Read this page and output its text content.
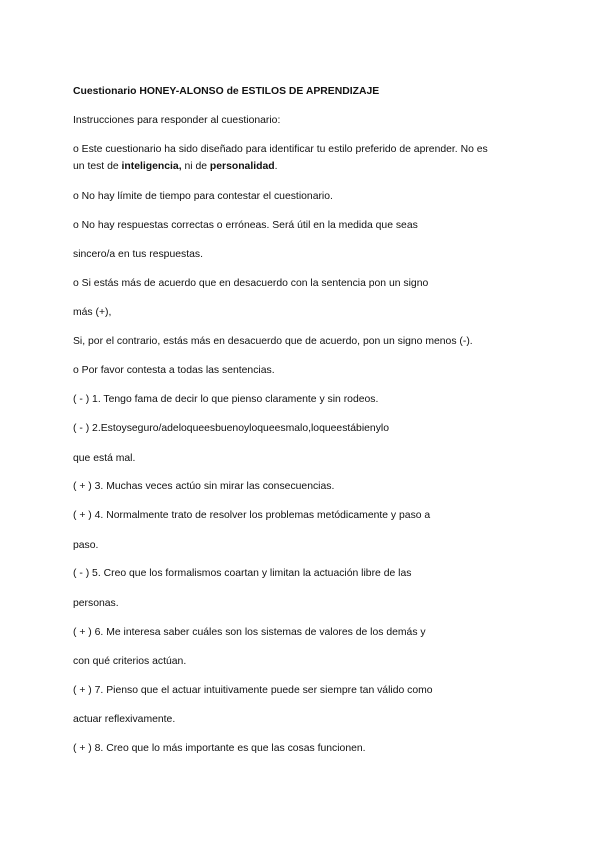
Cuestionario HONEY-ALONSO de ESTILOS DE APRENDIZAJE
Instrucciones para responder al cuestionario:
o Este cuestionario ha sido diseñado para identificar tu estilo preferido de aprender. No es
un test de inteligencia, ni de personalidad.
o No hay límite de tiempo para contestar el cuestionario.
o No hay respuestas correctas o erróneas. Será útil en la medida que seas
sincero/a en tus respuestas.
o Si estás más de acuerdo que en desacuerdo con la sentencia pon un signo
más (+),
Si, por el contrario, estás más en desacuerdo que de acuerdo, pon un signo menos (-).
o Por favor contesta a todas las sentencias.
( - ) 1. Tengo fama de decir lo que pienso claramente y sin rodeos.
( - ) 2.Estoyseguro/adeloqueesbuenoyloqueesmalo,loqueestábienylo
que está mal.
( + ) 3. Muchas veces actúo sin mirar las consecuencias.
( + ) 4. Normalmente trato de resolver los problemas metódicamente y paso a
paso.
( - ) 5. Creo que los formalismos coartan y limitan la actuación libre de las
personas.
( + ) 6. Me interesa saber cuáles son los sistemas de valores de los demás y
con qué criterios actúan.
( + ) 7. Pienso que el actuar intuitivamente puede ser siempre tan válido como
actuar reflexivamente.
( + ) 8. Creo que lo más importante es que las cosas funcionen.
